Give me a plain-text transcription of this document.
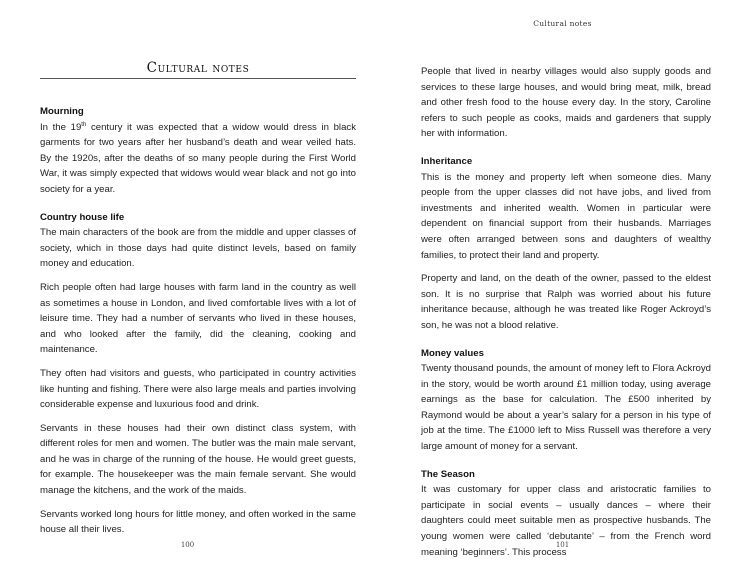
Cultural notes
Mourning

In the 19th century it was expected that a widow would dress in black garments for two years after her husband’s death and wear veiled hats. By the 1920s, after the deaths of so many people during the First World War, it was simply expected that widows would wear black and not go into society for a year.

Country house life

The main characters of the book are from the middle and upper classes of society, which in those days had quite distinct levels, based on family money and education.

Rich people often had large houses with farm land in the country as well as sometimes a house in London, and lived comfortable lives with a lot of leisure time. They had a number of servants who lived in these houses, and who looked after the family, did the cleaning, cooking and maintenance.

They often had visitors and guests, who participated in country activities like hunting and fishing. There were also large meals and parties involving considerable expense and luxurious food and drink.

Servants in these houses had their own distinct class system, with different roles for men and women. The butler was the main male servant, and he was in charge of the running of the house. He would greet guests, for example. The housekeeper was the main female servant. She would manage the kitchens, and the work of the maids.

Servants worked long hours for little money, and often worked in the same house all their lives.

100
Cultural notes

People that lived in nearby villages would also supply goods and services to these large houses, and would bring meat, milk, bread and other fresh food to the house every day. In the story, Caroline refers to such people as cooks, maids and gardeners that supply her with information.

Inheritance

This is the money and property left when someone dies. Many people from the upper classes did not have jobs, and lived from investments and inherited wealth. Women in particular were dependent on financial support from their husbands. Marriages were often arranged between sons and daughters of wealthy families, to protect their land and property.

Property and land, on the death of the owner, passed to the eldest son. It is no surprise that Ralph was worried about his future inheritance because, although he was treated like Roger Ackroyd’s son, he was not a blood relative.

Money values

Twenty thousand pounds, the amount of money left to Flora Ackroyd in the story, would be worth around £1 million today, using average earnings as the base for calculation. The £500 inherited by Raymond would be about a year’s salary for a person in his type of job at the time. The £1000 left to Miss Russell was therefore a very large amount of money for a servant.

The Season

It was customary for upper class and aristocratic families to participate in social events – usually dances – where their daughters could meet suitable men as prospective husbands. The young women were called ‘debutante’ – from the French word meaning ‘beginners’. This process

101
